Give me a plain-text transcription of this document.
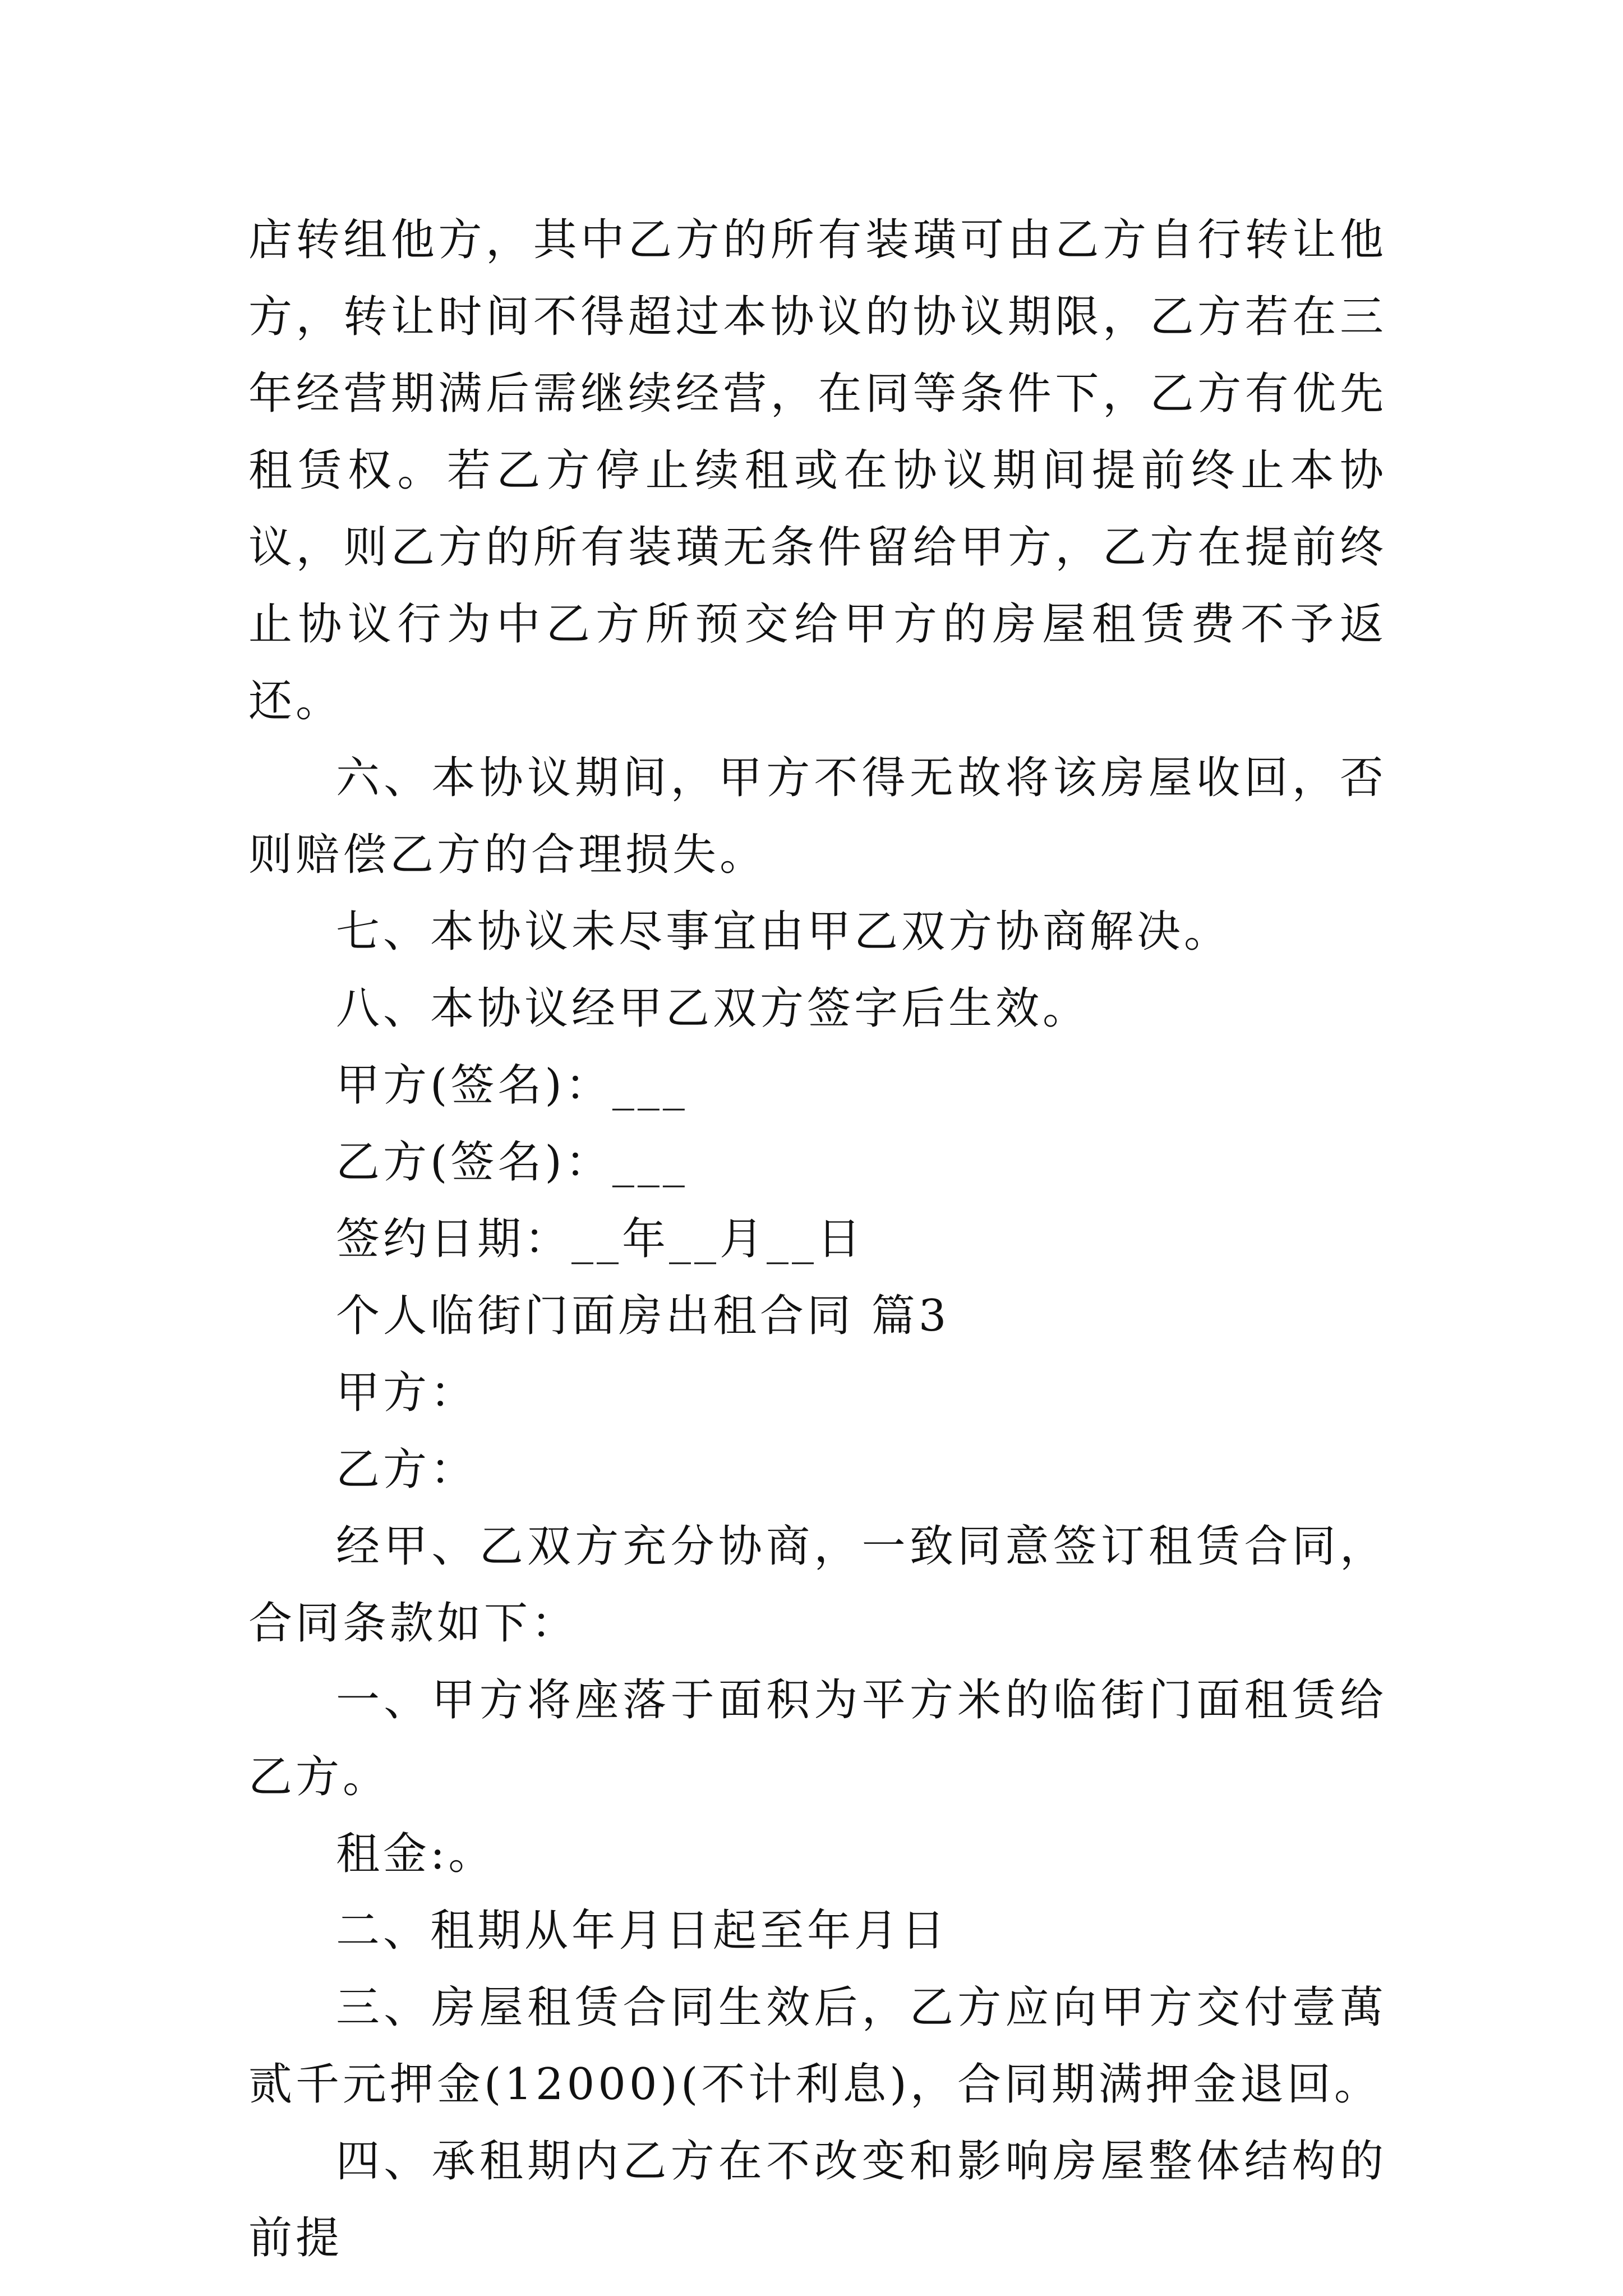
店转组他方，其中乙方的所有装璜可由乙方自行转让他方，转让时间不得超过本协议的协议期限，乙方若在三年经营期满后需继续经营，在同等条件下，乙方有优先租赁权。若乙方停止续租或在协议期间提前终止本协议，则乙方的所有装璜无条件留给甲方，乙方在提前终止协议行为中乙方所预交给甲方的房屋租赁费不予返还。

六、本协议期间，甲方不得无故将该房屋收回，否则赔偿乙方的合理损失。

七、本协议未尽事宜由甲乙双方协商解决。

八、本协议经甲乙双方签字后生效。

甲方(签名)：___

乙方(签名)：___

签约日期：__年__月__日

个人临街门面房出租合同 篇3

甲方：

乙方：

经甲、乙双方充分协商，一致同意签订租赁合同，合同条款如下：

一、甲方将座落于面积为平方米的临街门面租赁给乙方。

租金:。

二、租期从年月日起至年月日

三、房屋租赁合同生效后，乙方应向甲方交付壹萬贰千元押金(12000)(不计利息)，合同期满押金退回。

四、承租期内乙方在不改变和影响房屋整体结构的前提
